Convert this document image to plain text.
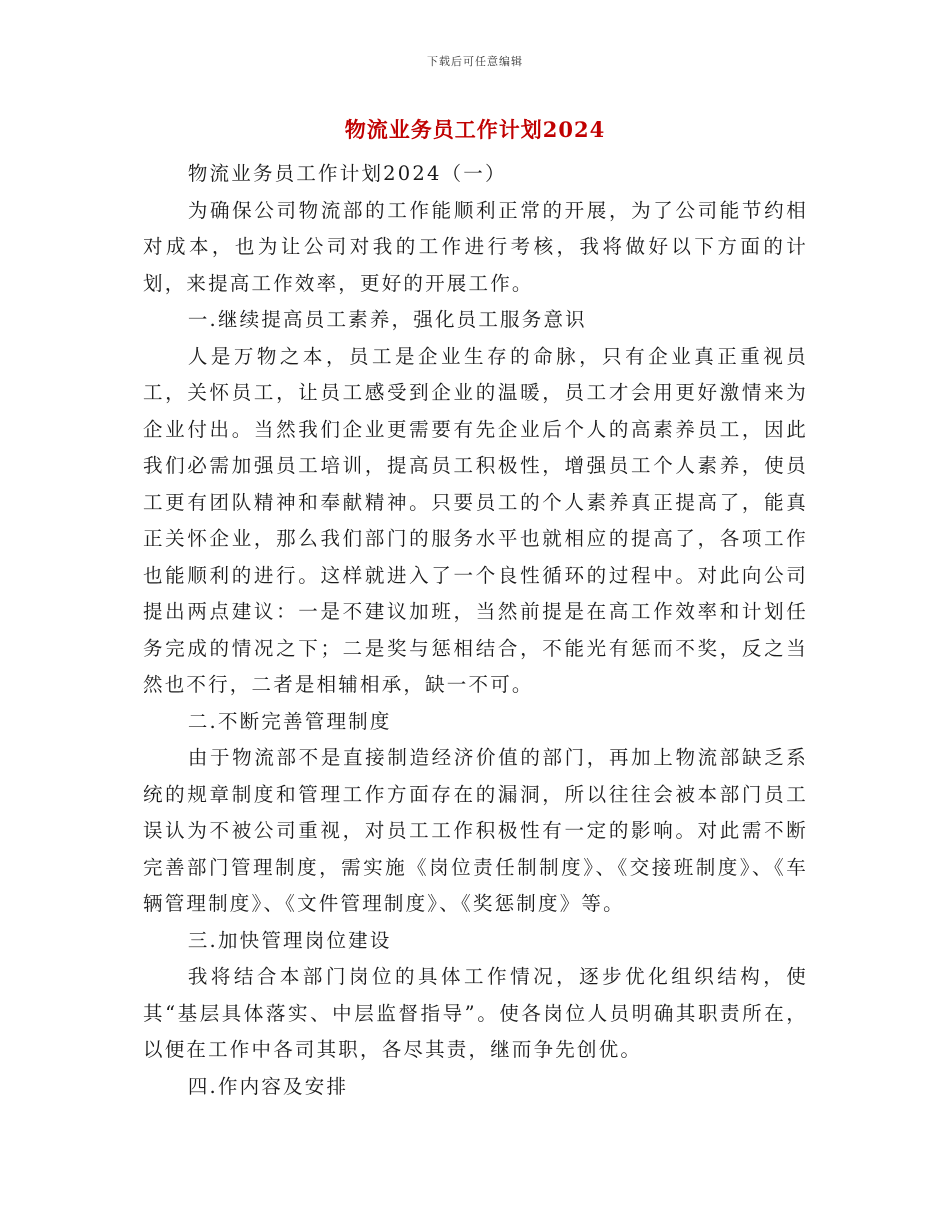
下载后可任意编辑
物流业务员工作计划2024

物流业务员工作计划2024（一）

为确保公司物流部的工作能顺利正常的开展，为了公司能节约相对成本，也为让公司对我的工作进行考核，我将做好以下方面的计划，来提高工作效率，更好的开展工作。

一.继续提高员工素养，强化员工服务意识

人是万物之本，员工是企业生存的命脉，只有企业真正重视员工，关怀员工，让员工感受到企业的温暖，员工才会用更好激情来为企业付出。当然我们企业更需要有先企业后个人的高素养员工，因此我们必需加强员工培训，提高员工积极性，增强员工个人素养，使员工更有团队精神和奉献精神。只要员工的个人素养真正提高了，能真正关怀企业，那么我们部门的服务水平也就相应的提高了，各项工作也能顺利的进行。这样就进入了一个良性循环的过程中。对此向公司提出两点建议：一是不建议加班，当然前提是在高工作效率和计划任务完成的情况之下；二是奖与惩相结合，不能光有惩而不奖，反之当然也不行，二者是相辅相承，缺一不可。

二.不断完善管理制度

由于物流部不是直接制造经济价值的部门，再加上物流部缺乏系统的规章制度和管理工作方面存在的漏洞，所以往往会被本部门员工误认为不被公司重视，对员工工作积极性有一定的影响。对此需不断完善部门管理制度，需实施《岗位责任制制度》、《交接班制度》、《车辆管理制度》、《文件管理制度》、《奖惩制度》等。

三.加快管理岗位建设

我将结合本部门岗位的具体工作情况，逐步优化组织结构，使其“基层具体落实、中层监督指导”。使各岗位人员明确其职责所在，以便在工作中各司其职，各尽其责，继而争先创优。

四.作内容及安排
